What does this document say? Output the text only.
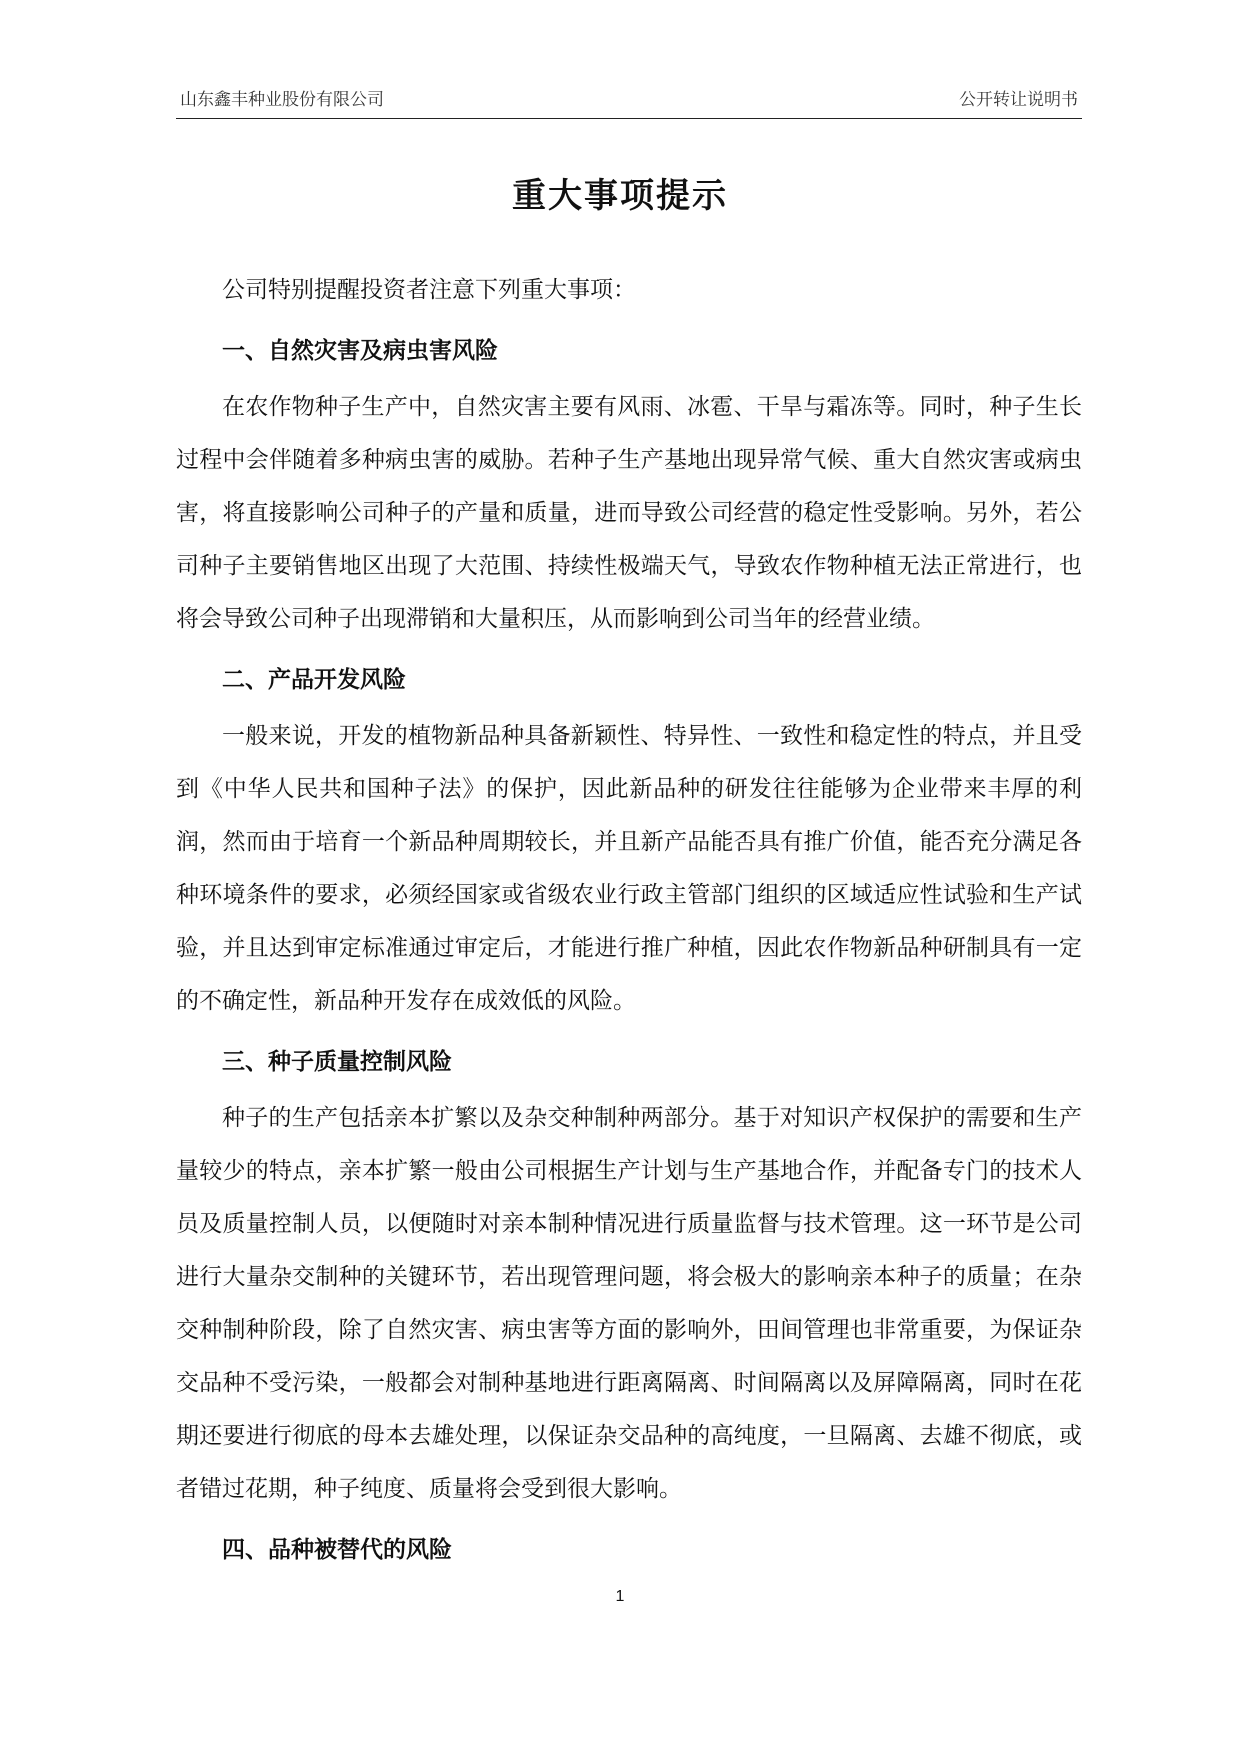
山东鑫丰种业股份有限公司	公开转让说明书
重大事项提示

公司特别提醒投资者注意下列重大事项：

一、自然灾害及病虫害风险

在农作物种子生产中，自然灾害主要有风雨、冰雹、干旱与霜冻等。同时，种子生长过程中会伴随着多种病虫害的威胁。若种子生产基地出现异常气候、重大自然灾害或病虫害，将直接影响公司种子的产量和质量，进而导致公司经营的稳定性受影响。另外，若公司种子主要销售地区出现了大范围、持续性极端天气，导致农作物种植无法正常进行，也将会导致公司种子出现滞销和大量积压，从而影响到公司当年的经营业绩。

二、产品开发风险

一般来说，开发的植物新品种具备新颖性、特异性、一致性和稳定性的特点，并且受到《中华人民共和国种子法》的保护，因此新品种的研发往往能够为企业带来丰厚的利润，然而由于培育一个新品种周期较长，并且新产品能否具有推广价值，能否充分满足各种环境条件的要求，必须经国家或省级农业行政主管部门组织的区域适应性试验和生产试验，并且达到审定标准通过审定后，才能进行推广种植，因此农作物新品种研制具有一定的不确定性，新品种开发存在成效低的风险。

三、种子质量控制风险

种子的生产包括亲本扩繁以及杂交种制种两部分。基于对知识产权保护的需要和生产量较少的特点，亲本扩繁一般由公司根据生产计划与生产基地合作，并配备专门的技术人员及质量控制人员，以便随时对亲本制种情况进行质量监督与技术管理。这一环节是公司进行大量杂交制种的关键环节，若出现管理问题，将会极大的影响亲本种子的质量；在杂交种制种阶段，除了自然灾害、病虫害等方面的影响外，田间管理也非常重要，为保证杂交品种不受污染，一般都会对制种基地进行距离隔离、时间隔离以及屏障隔离，同时在花期还要进行彻底的母本去雄处理，以保证杂交品种的高纯度，一旦隔离、去雄不彻底，或者错过花期，种子纯度、质量将会受到很大影响。

四、品种被替代的风险

1
